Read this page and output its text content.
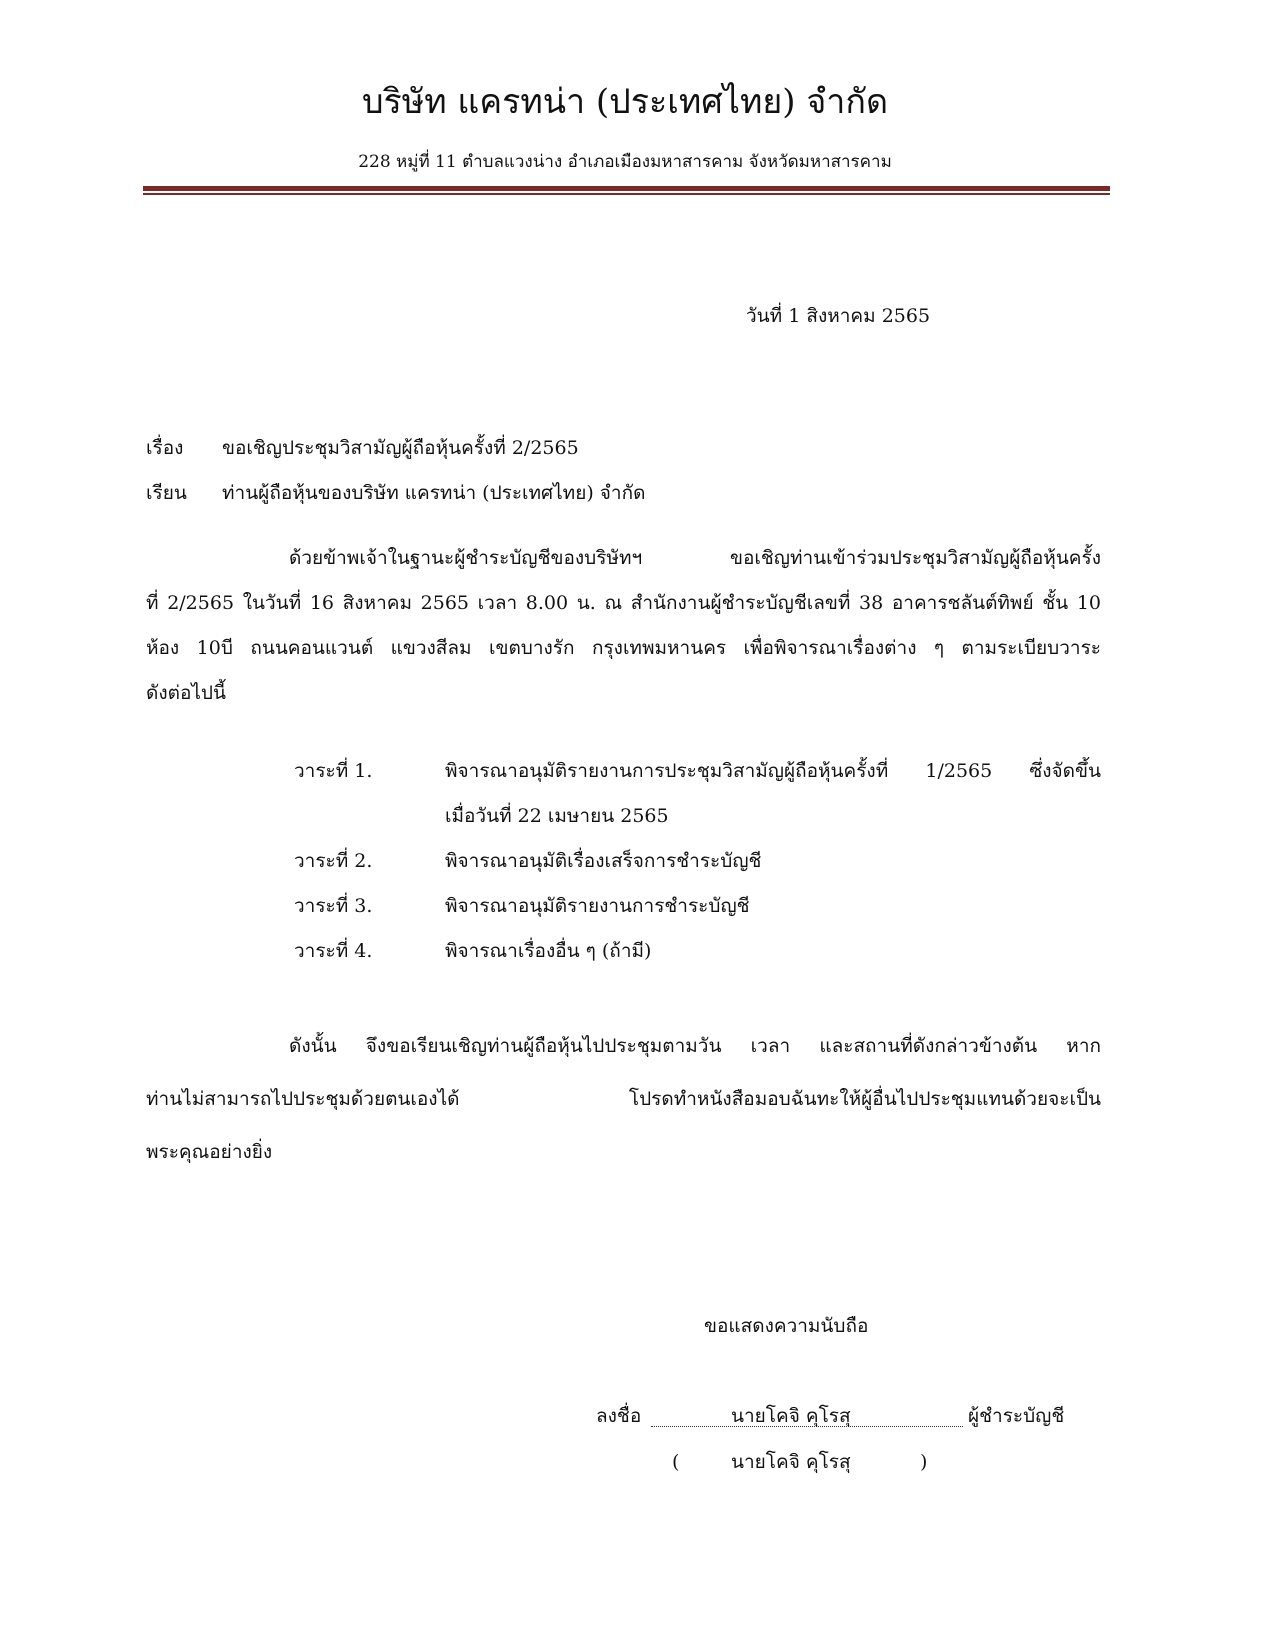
บริษัท แครทน่า (ประเทศไทย) จำกัด
228 หมู่ที่ 11 ตำบลแวงน่าง อำเภอเมืองมหาสารคาม จังหวัดมหาสารคาม
วันที่ 1 สิงหาคม 2565
เรื่อง ขอเชิญประชุมวิสามัญผู้ถือหุ้นครั้งที่ 2/2565
เรียน ท่านผู้ถือหุ้นของบริษัท แครทน่า (ประเทศไทย) จำกัด
ด้วยข้าพเจ้าในฐานะผู้ชำระบัญชีของบริษัทฯ ขอเชิญท่านเข้าร่วมประชุมวิสามัญผู้ถือหุ้นครั้ง
ที่ 2/2565 ในวันที่ 16 สิงหาคม 2565 เวลา 8.00 น. ณ สำนักงานผู้ชำระบัญชีเลขที่ 38 อาคารชลันต์ทิพย์ ชั้น 10
ห้อง 10บี ถนนคอนแวนต์ แขวงสีลม เขตบางรัก กรุงเทพมหานคร เพื่อพิจารณาเรื่องต่าง ๆ ตามระเบียบวาระ
ดังต่อไปนี้
วาระที่ 1.	พิจารณาอนุมัติรายงานการประชุมวิสามัญผู้ถือหุ้นครั้งที่ 1/2565 ซึ่งจัดขึ้น
เมื่อวันที่ 22 เมษายน 2565
วาระที่ 2.	พิจารณาอนุมัติเรื่องเสร็จการชำระบัญชี
วาระที่ 3.	พิจารณาอนุมัติรายงานการชำระบัญชี
วาระที่ 4.	พิจารณาเรื่องอื่น ๆ (ถ้ามี)
ดังนั้น จึงขอเรียนเชิญท่านผู้ถือหุ้นไปประชุมตามวัน เวลา และสถานที่ดังกล่าวข้างต้น หาก
ท่านไม่สามารถไปประชุมด้วยตนเองได้ โปรดทำหนังสือมอบฉันทะให้ผู้อื่นไปประชุมแทนด้วยจะเป็น
พระคุณอย่างยิ่ง
ขอแสดงความนับถือ
ลงชื่อ	นายโคจิ คุโรสุ	ผู้ชำระบัญชี
(	นายโคจิ คุโรสุ	)
